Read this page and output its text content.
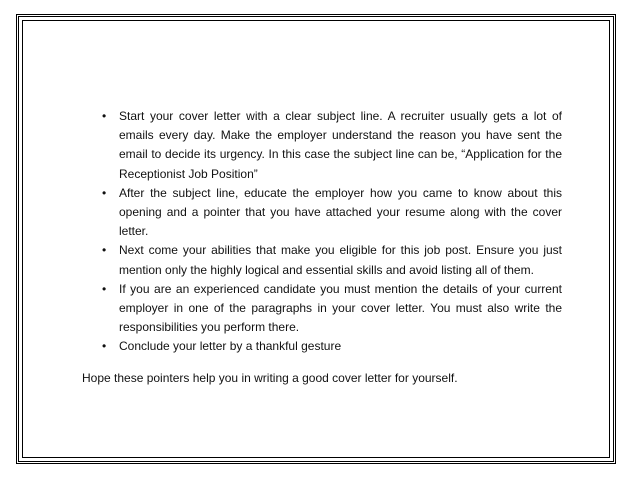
• Start your cover letter with a clear subject line. A recruiter usually gets a lot of emails every day. Make the employer understand the reason you have sent the email to decide its urgency. In this case the subject line can be, “Application for the Receptionist Job Position”
• After the subject line, educate the employer how you came to know about this opening and a pointer that you have attached your resume along with the cover letter.
• Next come your abilities that make you eligible for this job post. Ensure you just mention only the highly logical and essential skills and avoid listing all of them.
• If you are an experienced candidate you must mention the details of your current employer in one of the paragraphs in your cover letter. You must also write the responsibilities you perform there.
• Conclude your letter by a thankful gesture

Hope these pointers help you in writing a good cover letter for yourself.
